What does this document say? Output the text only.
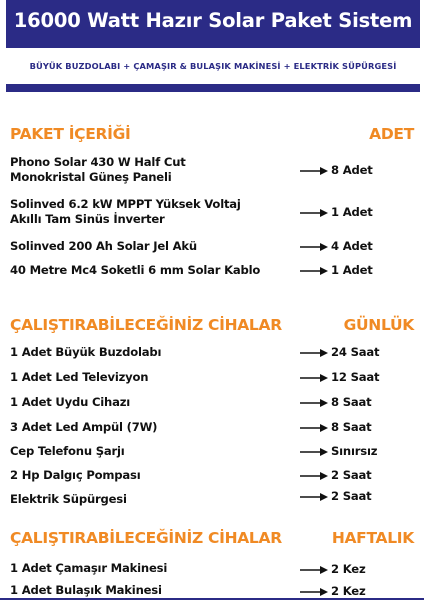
16000 Watt Hazır Solar Paket Sistem
BÜYÜK BUZDOLABI + ÇAMAŞIR & BULAŞIK MAKİNESİ + ELEKTRİK SÜPÜRGESİ
PAKET İÇERİĞİ	ADET
Phono Solar 430 W Half Cut
Monokristal Güneş Paneli	8 Adet
Solinved 6.2 kW MPPT Yüksek Voltaj
Akıllı Tam Sinüs İnverter	1 Adet
Solinved 200 Ah Solar Jel Akü	4 Adet
40 Metre Mc4 Soketli 6 mm Solar Kablo	1 Adet
ÇALIŞTIRABİLECEĞİNİZ CİHALAR	GÜNLÜK
1 Adet Büyük Buzdolabı	24 Saat
1 Adet Led Televizyon	12 Saat
1 Adet Uydu Cihazı	8 Saat
3 Adet Led Ampül (7W)	8 Saat
Cep Telefonu Şarjı	Sınırsız
2 Hp Dalgıç Pompası	2 Saat
Elektrik Süpürgesi	2 Saat
ÇALIŞTIRABİLECEĞİNİZ CİHALAR	HAFTALIK
1 Adet Çamaşır Makinesi	2 Kez
1 Adet Bulaşık Makinesi	2 Kez
